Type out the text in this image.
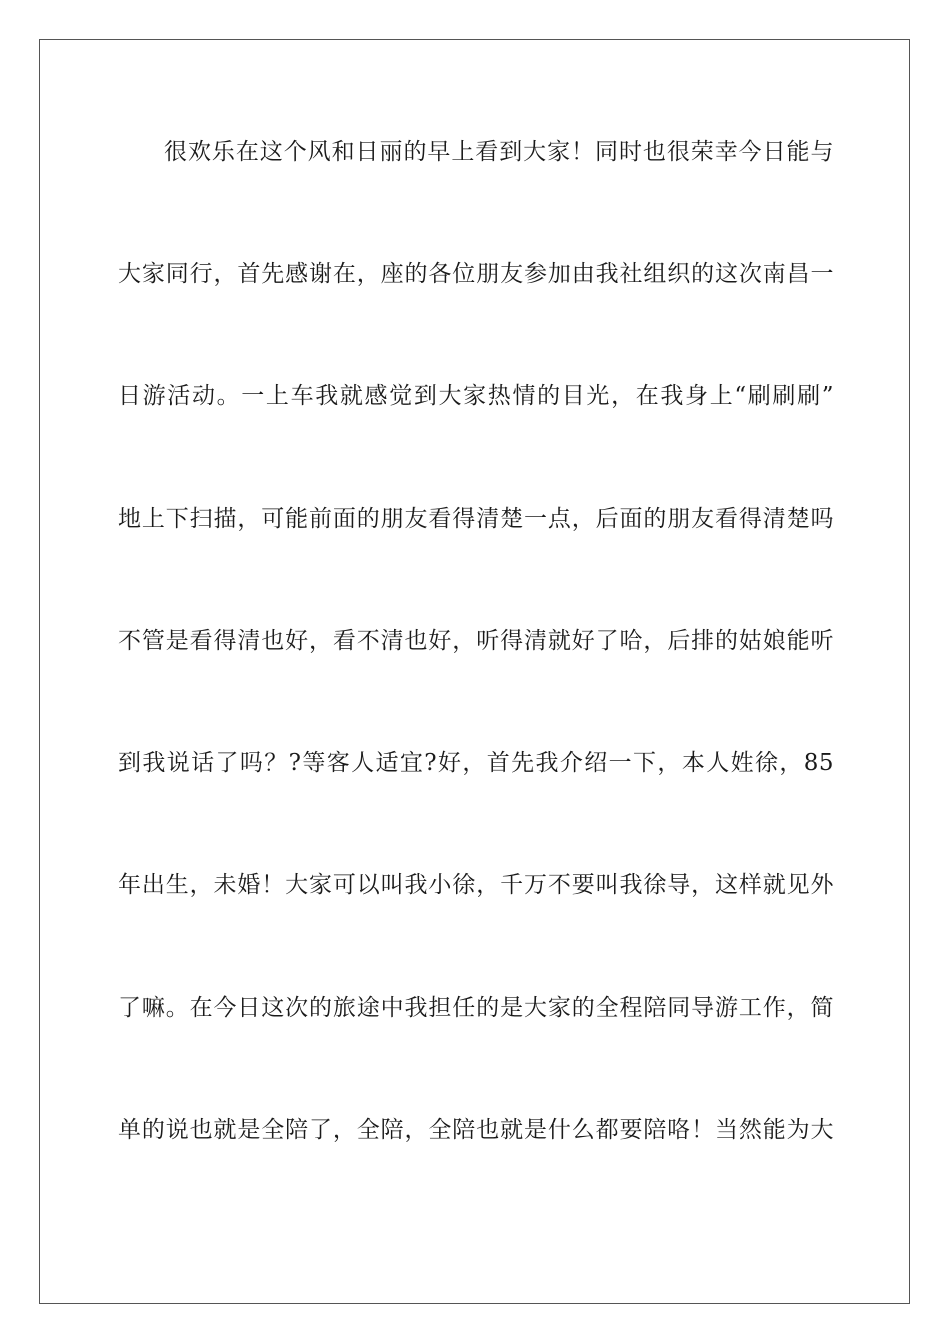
很欢乐在这个风和日丽的早上看到大家！同时也很荣幸今日能与
大家同行，首先感谢在，座的各位朋友参加由我社组织的这次南昌一
日游活动。一上车我就感觉到大家热情的目光，在我身上“刷刷刷”
地上下扫描，可能前面的朋友看得清楚一点，后面的朋友看得清楚吗
不管是看得清也好，看不清也好，听得清就好了哈，后排的姑娘能听
到我说话了吗？?等客人适宜?好，首先我介绍一下，本人姓徐，85
年出生，未婚！大家可以叫我小徐，千万不要叫我徐导，这样就见外
了嘛。在今日这次的旅途中我担任的是大家的全程陪同导游工作，简
单的说也就是全陪了，全陪，全陪也就是什么都要陪咯！当然能为大
